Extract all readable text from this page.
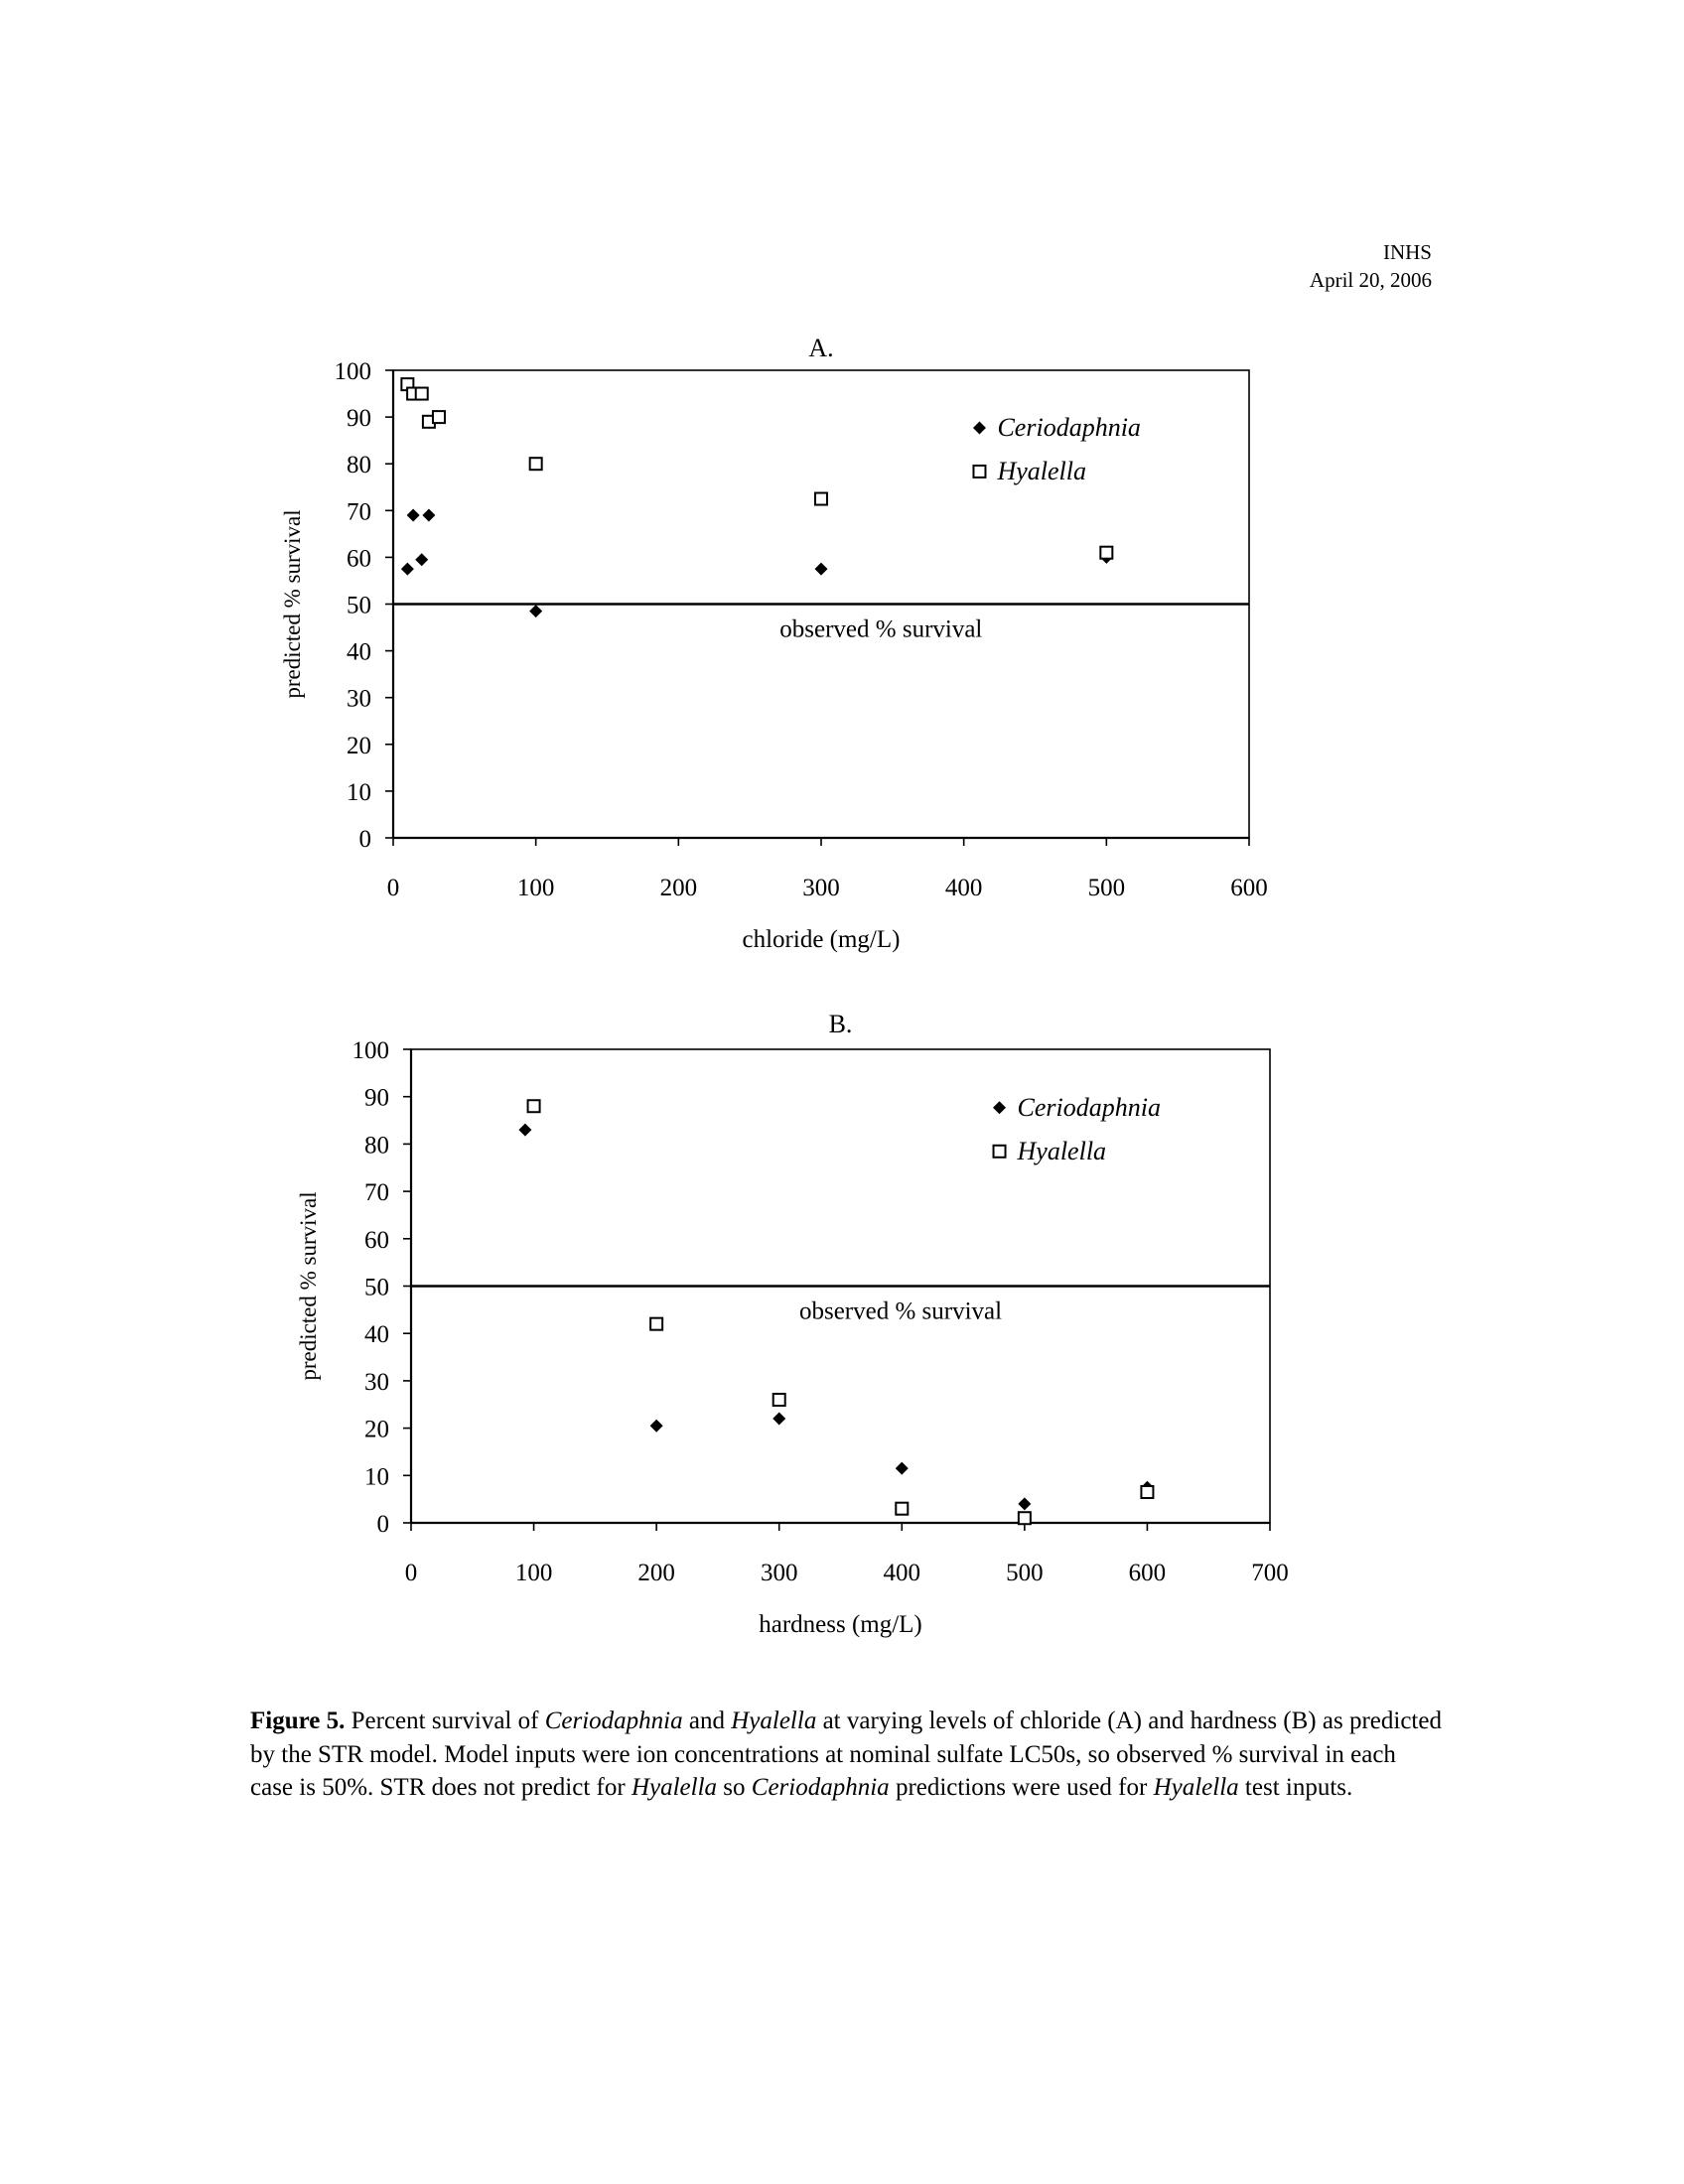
INHS
April 20, 2006
A.
0
10
20
30
40
50
60
70
80
90
100
0	100	200	300	400	500	600
chloride (mg/L)
predicted % survival	observed % survival
Ceriodaphnia
Hyalella
B.
0
10
20
30
40
50
60
70
80
90
100
0	100	200	300	400	500	600	700
hardness (mg/L)
predicted % survival	observed % survival
Ceriodaphnia
Hyalella
Figure 5. Percent survival of Ceriodaphnia and Hyalella at varying levels of chloride (A) and hardness (B) as predicted by the STR model. Model inputs were ion concentrations at nominal sulfate LC50s, so observed % survival in each case is 50%. STR does not predict for Hyalella so Ceriodaphnia predictions were used for Hyalella test inputs.
